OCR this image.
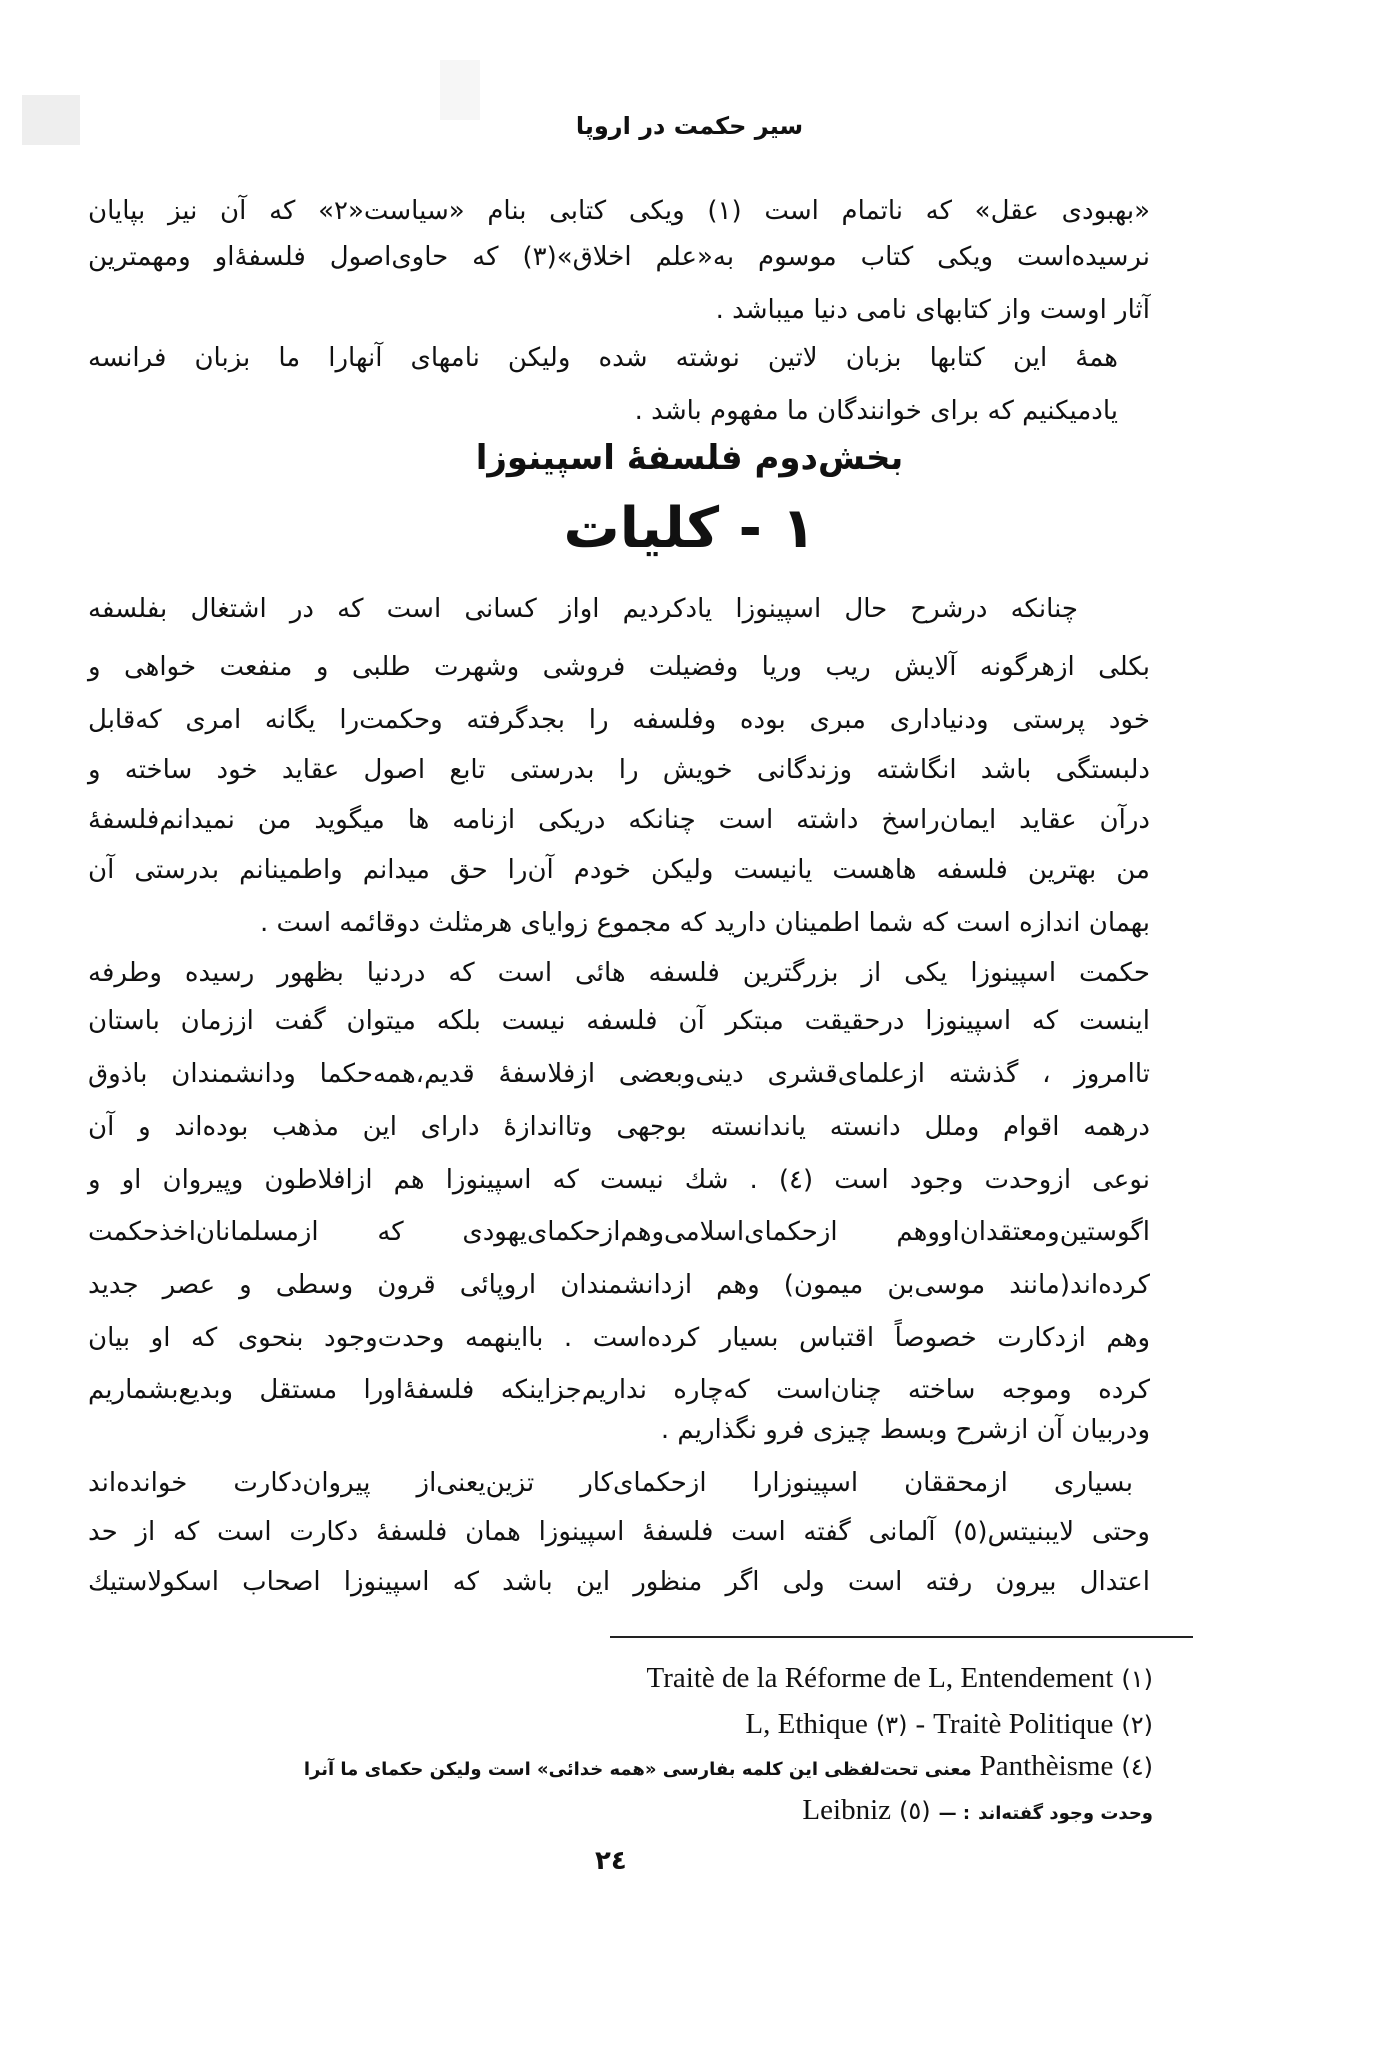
سیر حکمت در اروپا
«بهبودی عقل» که ناتمام است (۱) ویکی کتابی بنام «سیاست«۲» که آن نیز بپایان
نرسیده‌است ویکی کتاب موسوم به«علم اخلاق»(۳) که حاوی‌اصول فلسفهٔ‌او ومهمترین
آثار اوست واز کتابهای نامی دنیا میباشد .
همهٔ این کتابها بزبان لاتین نوشته شده ولیکن نامهای آنهارا ما بزبان فرانسه
یادمیکنیم که برای خوانندگان ما مفهوم باشد .
بخش‌دوم فلسفهٔ اسپینوزا
۱ - کلیات
چنانکه درشرح حال اسپینوزا یادکردیم اواز کسانی است که در اشتغال بفلسفه
بکلی ازهرگونه آلایش ریب وریا وفضیلت فروشی وشهرت طلبی و منفعت خواهی و
خود پرستی ودنیاداری مبری بوده وفلسفه را بجدگرفته وحکمت‌را یگانه امری که‌قابل
دلبستگی باشد انگاشته وزندگانی خویش را بدرستی تابع اصول عقاید خود ساخته و
درآن عقاید ایمان‌راسخ داشته است چنانکه دریکی ازنامه ها میگوید من نمیدانم‌فلسفهٔ
من بهترین فلسفه هاهست یانیست ولیکن خودم آن‌را حق میدانم واطمینانم بدرستی آن
بهمان اندازه است که شما اطمینان دارید که مجموع زوایای هرمثلث دوقائمه است .
حکمت اسپینوزا یکی از بزرگترین فلسفه هائی است که دردنیا بظهور رسیده وطرفه
اینست که اسپینوزا درحقیقت مبتکر آن فلسفه نیست بلکه میتوان گفت اززمان باستان
تاامروز ، گذشته ازعلمای‌قشری دینی‌وبعضی ازفلاسفهٔ قدیم،همه‌حکما ودانشمندان باذوق
درهمه اقوام وملل دانسته یاندانسته بوجهی وتااندازهٔ دارای این مذهب بوده‌اند و آن
نوعی ازوحدت وجود است (٤) . شك نیست که اسپینوزا هم ازافلاطون وپیروان او و
اگوستین‌ومعتقدان‌اووهم ازحکمای‌اسلامی‌وهم‌ازحکمای‌یهودی که ازمسلمانان‌اخذحکمت
کرده‌اند(مانند موسی‌بن میمون) وهم ازدانشمندان اروپائی قرون وسطی و عصر جدید
وهم ازدکارت خصوصاً اقتباس بسیار کرده‌است . بااینهمه وحدت‌وجود بنحوی که او بیان
کرده وموجه ساخته چنان‌است که‌چاره نداریم‌جزاینکه فلسفهٔ‌اورا مستقل وبدیع‌بشماریم
ودربیان آن ازشرح وبسط چیزی فرو نگذاریم .
بسیاری ازمحققان اسپینوزارا ازحکمای‌کار تزین‌یعنی‌از پیروان‌دکارت خوانده‌اند
وحتی لایبنیتس(٥) آلمانی گفته است فلسفهٔ اسپینوزا همان فلسفهٔ دکارت است که از حد
اعتدال بیرون رفته است ولی اگر منظور این باشد که اسپینوزا اصحاب اسکولاستیك
(۱)
Traitè de la Réforme de L, Entendement
(۲)
Traitè Politique
-
(۳)
L, Ethique
(٤)
Panthèisme
معنی تحت‌لفظی این کلمه بفارسی «همه خدائی» است ولیکن حکمای ما آنرا
وحدت وجود گفته‌اند
: —
(٥)
Leibniz
۲٤
